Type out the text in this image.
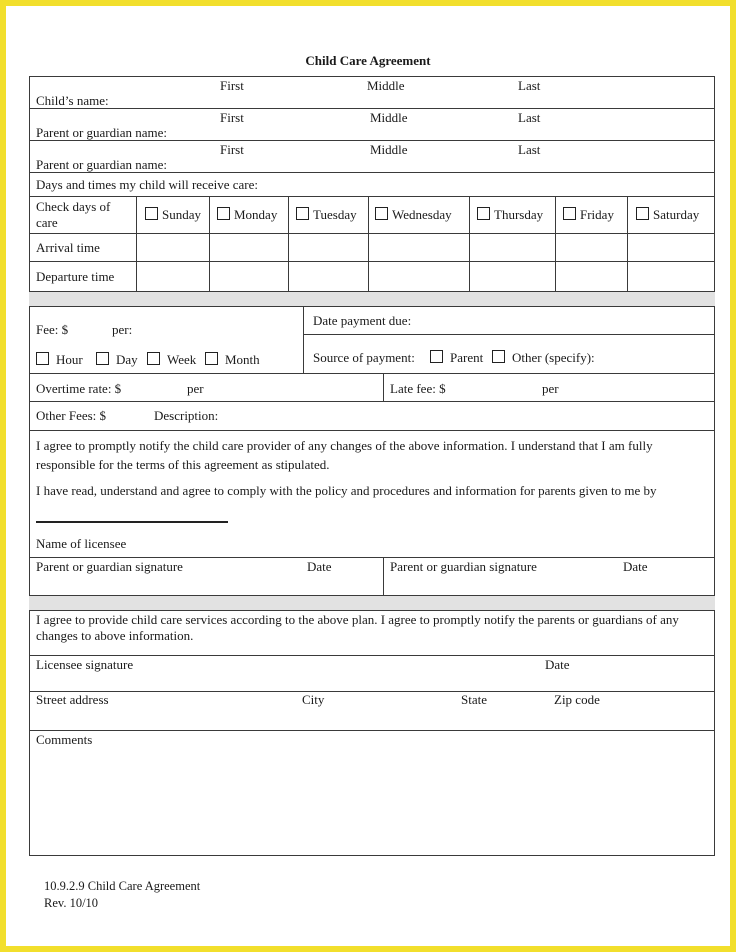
Child Care Agreement
First	Middle	Last
Child’s name:
First	Middle	Last
Parent or guardian name:
First	Middle	Last
Parent or guardian name:
Days and times my child will receive care:
Check days of
care
Sunday	Monday	Tuesday	Wednesday	Thursday	Friday	Saturday
Arrival time
Departure time
Fee: $	per:
Hour	Day	Week	Month
Date payment due:
Source of payment:	Parent	Other (specify):
Overtime rate: $	per	Late fee: $	per
Other Fees: $	Description:
I agree to promptly notify the child care provider of any changes of the above information. I understand that I am fully
responsible for the terms of this agreement as stipulated.
I have read, understand and agree to comply with the policy and procedures and information for parents given to me by
Name of licensee
Parent or guardian signature	Date	Parent or guardian signature	Date
I agree to provide child care services according to the above plan. I agree to promptly notify the parents or guardians of any
changes to above information.
Licensee signature	Date
Street address	City	State	Zip code
Comments
10.9.2.9 Child Care Agreement
Rev. 10/10
